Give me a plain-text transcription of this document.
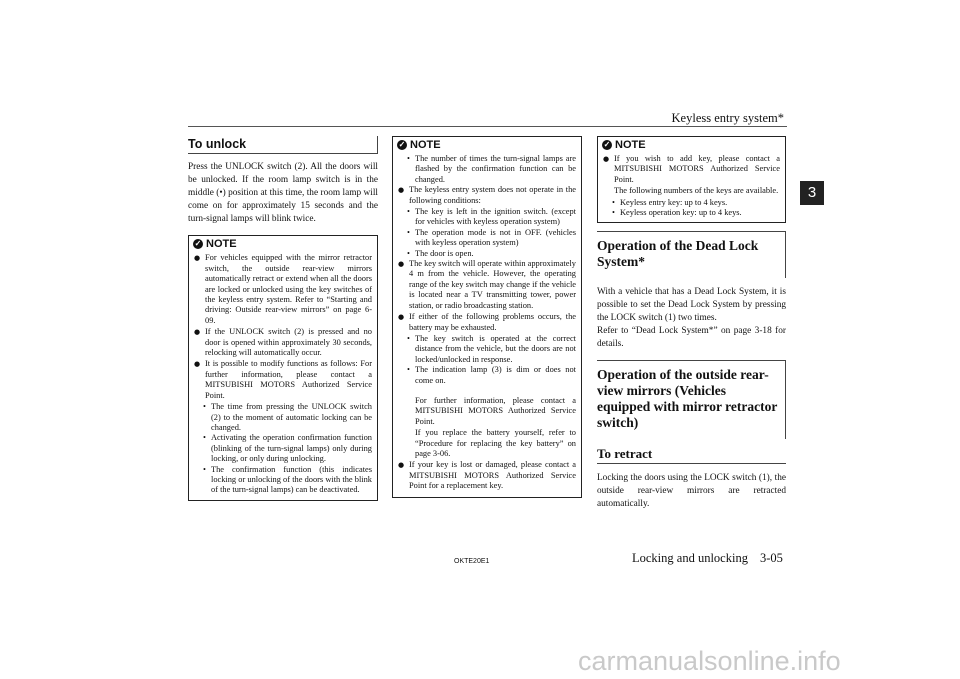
Keyless entry system*
3
To unlock

Press the UNLOCK switch (2). All the doors will be unlocked. If the room lamp switch is in the middle (•) position at this time, the room lamp will come on for approximately 15 seconds and the turn-signal lamps will blink twice.

✓ NOTE
● For vehicles equipped with the mirror retractor switch, the outside rear-view mirrors automatically retract or extend when all the doors are locked or unlocked using the key switches of the keyless entry system. Refer to “Starting and driving: Outside rear-view mirrors” on page 6-09.
● If the UNLOCK switch (2) is pressed and no door is opened within approximately 30 seconds, relocking will automatically occur.
● It is possible to modify functions as follows: For further information, please contact a MITSUBISHI MOTORS Authorized Service Point.
• The time from pressing the UNLOCK switch (2) to the moment of automatic locking can be changed.
• Activating the operation confirmation function (blinking of the turn-signal lamps) only during locking, or only during unlocking.
• The confirmation function (this indicates locking or unlocking of the doors with the blink of the turn-signal lamps) can be deactivated.
✓ NOTE
• The number of times the turn-signal lamps are flashed by the confirmation function can be changed.
● The keyless entry system does not operate in the following conditions:
• The key is left in the ignition switch. (except for vehicles with keyless operation system)
• The operation mode is not in OFF. (vehicles with keyless operation system)
• The door is open.
● The key switch will operate within approximately 4 m from the vehicle. However, the operating range of the key switch may change if the vehicle is located near a TV transmitting tower, power station, or radio broadcasting station.
● If either of the following problems occurs, the battery may be exhausted.
• The key switch is operated at the correct distance from the vehicle, but the doors are not locked/unlocked in response.
• The indication lamp (3) is dim or does not come on.
For further information, please contact a MITSUBISHI MOTORS Authorized Service Point.
If you replace the battery yourself, refer to “Procedure for replacing the key battery” on page 3-06.
● If your key is lost or damaged, please contact a MITSUBISHI MOTORS Authorized Service Point for a replacement key.
✓ NOTE
● If you wish to add key, please contact a MITSUBISHI MOTORS Authorized Service Point.
The following numbers of the keys are available.
• Keyless entry key: up to 4 keys.
• Keyless operation key: up to 4 keys.
Operation of the Dead Lock System*

With a vehicle that has a Dead Lock System, it is possible to set the Dead Lock System by pressing the LOCK switch (1) two times.

Refer to “Dead Lock System*” on page 3-18 for details.

Operation of the outside rear-view mirrors (Vehicles equipped with mirror retractor switch)
To retract

Locking the doors using the LOCK switch (1), the outside rear-view mirrors are retracted automatically.

OKTE20E1	Locking and unlocking 3-05
carmanualsonline.info
